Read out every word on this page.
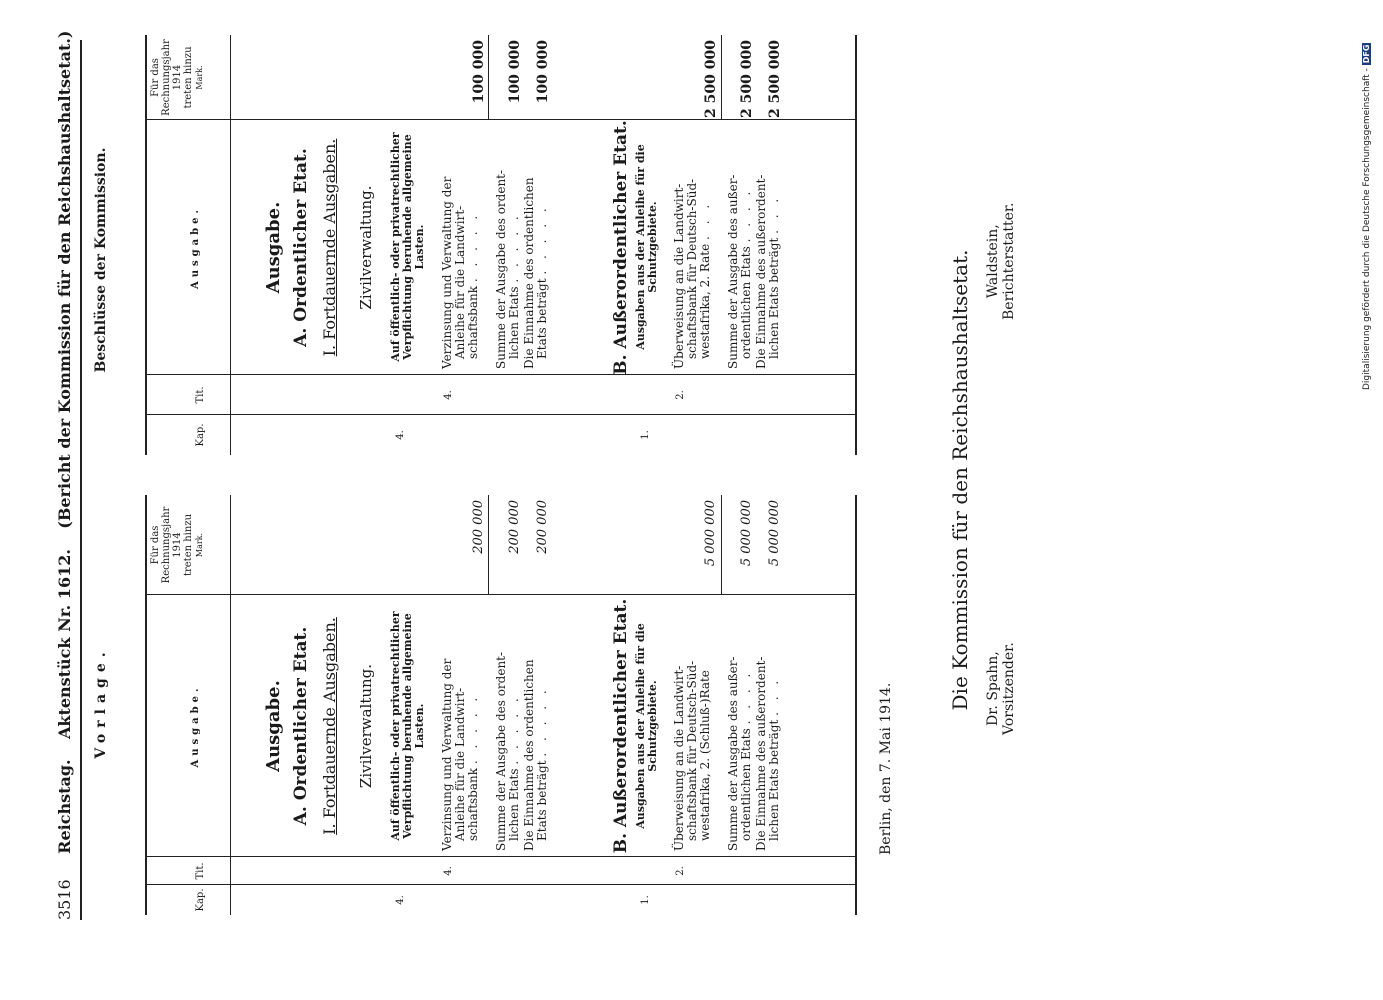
3516     Reichstag.    Aktenstück Nr. 1612.    (Bericht der Kommission für den Reichshaushaltsetat.)
Vorlage.
Beschlüsse der Kommission.
Kap.
Tit.
Ausgabe.
Für das Rechnungsjahr 1914 treten hinzu Mark.
Ausgabe. A. Ordentlicher Etat. I. Fortdauernde Ausgaben. Zivilverwaltung.
4.
Auf öffentlich- oder privatrechtlicher Verpflichtung beruhende allgemeine Lasten.
4.
Verzinsung und Verwaltung der Anleihe für die Landwirt- schaftsbank . . . . .
200 000
Summe der Ausgabe des ordent- lichen Etats . . . . .
200 000
Die Einnahme des ordentlichen Etats beträgt . . . . .
200 000
B. Außerordentlicher Etat.
1.
Ausgaben aus der Anleihe für die Schutzgebiete.
2.
Überweisung an die Landwirt- schaftsbank für Deutsch-Süd- westafrika, 2. (Schluß-)Rate
5 000 000
Summe der Ausgabe des außer- ordentlichen Etats . . . .
5 000 000
Die Einnahme des außerordent- lichen Etats beträgt . . .
5 000 000
Kap.
Tit.
Ausgabe.
Für das Rechnungsjahr 1914 treten hinzu Mark.
Ausgabe. A. Ordentlicher Etat. I. Fortdauernde Ausgaben. Zivilverwaltung.
4.
Auf öffentlich- oder privatrechtlicher Verpflichtung beruhende allgemeine Lasten.
4.
Verzinsung und Verwaltung der Anleihe für die Landwirt- schaftsbank . . . . .
100 000
Summe der Ausgabe des ordent- lichen Etats . . . . .
100 000
Die Einnahme des ordentlichen Etats beträgt . . . . .
100 000
B. Außerordentlicher Etat.
1.
Ausgaben aus der Anleihe für die Schutzgebiete.
2.
Überweisung an die Landwirt- schaftsbank für Deutsch-Süd- westafrika, 2. Rate . . .
2 500 000
Summe der Ausgabe des außer- ordentlichen Etats . . . .
2 500 000
Die Einnahme des außerordent- lichen Etats beträgt . . .
2 500 000
Berlin, den 7. Mai 1914.
Die Kommission für den Reichshaushaltsetat. Dr. Spahn, Vorsitzender.
Waldstein, Berichterstatter.	Digitalisierung gefördert durch die Deutsche Forschungsgemeinschaft - DFG
